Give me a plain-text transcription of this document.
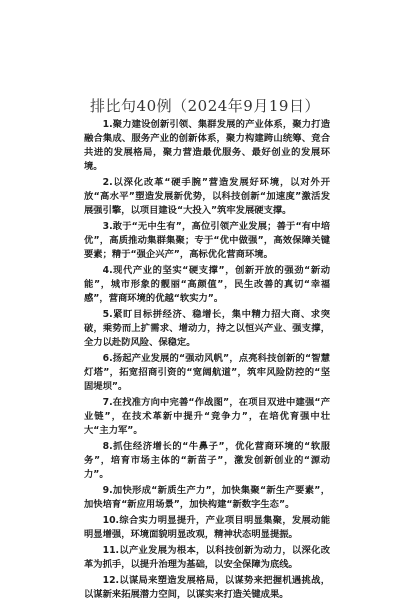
排比句40例（2024年9月19日）

1.聚力建设创新引领、集群发展的产业体系，聚力打造融合集成、服务产业的创新体系，聚力构建跨山统筹、竞合共进的发展格局，聚力营造最优服务、最好创业的发展环境。

2.以深化改革“硬手腕”营造发展好环境，以对外开放“高水平”塑造发展新优势，以科技创新“加速度”激活发展强引擎，以项目建设“大投入”筑牢发展硬支撑。

3.敢于“无中生有”，高位引领产业发展；善于“有中培优”，高质推动集群集聚；专于“优中做强”，高效保障关键要素；精于“强企兴产”，高标优化营商环境。

4.现代产业的坚实“硬支撑”，创新开放的强劲“新动能”，城市形象的靓丽“高颜值”，民生改善的真切“幸福感”，营商环境的优越“软实力”。

5.紧盯目标拼经济、稳增长，集中精力招大商、求突破，乘势而上扩需求、增动力，持之以恒兴产业、强支撑，全力以赴防风险、保稳定。

6.扬起产业发展的“强动风帆”，点亮科技创新的“智慧灯塔”，拓宽招商引资的“宽阔航道”，筑牢风险防控的“坚固堤坝”。

7.在找准方向中完善“作战图”，在项目双进中建强“产业链”，在技术革新中提升“竞争力”，在培优育强中壮大“主力军”。

8.抓住经济增长的“牛鼻子”，优化营商环境的“软服务”，培育市场主体的“新苗子”，激发创新创业的“源动力”。

9.加快形成“新质生产力”，加快集聚“新生产要素”，加快培育“新应用场景”，加快构建“新数字生态”。

10.综合实力明显提升，产业项目明显集聚，发展动能明显增强，环境面貌明显改观，精神状态明显提振。

11.以产业发展为根本，以科技创新为动力，以深化改革为抓手，以提升治理为基础，以安全保障为底线。

12.以谋局来塑造发展格局，以谋势来把握机遇挑战，以谋新来拓展潜力空间，以谋实来打造关键成果。
